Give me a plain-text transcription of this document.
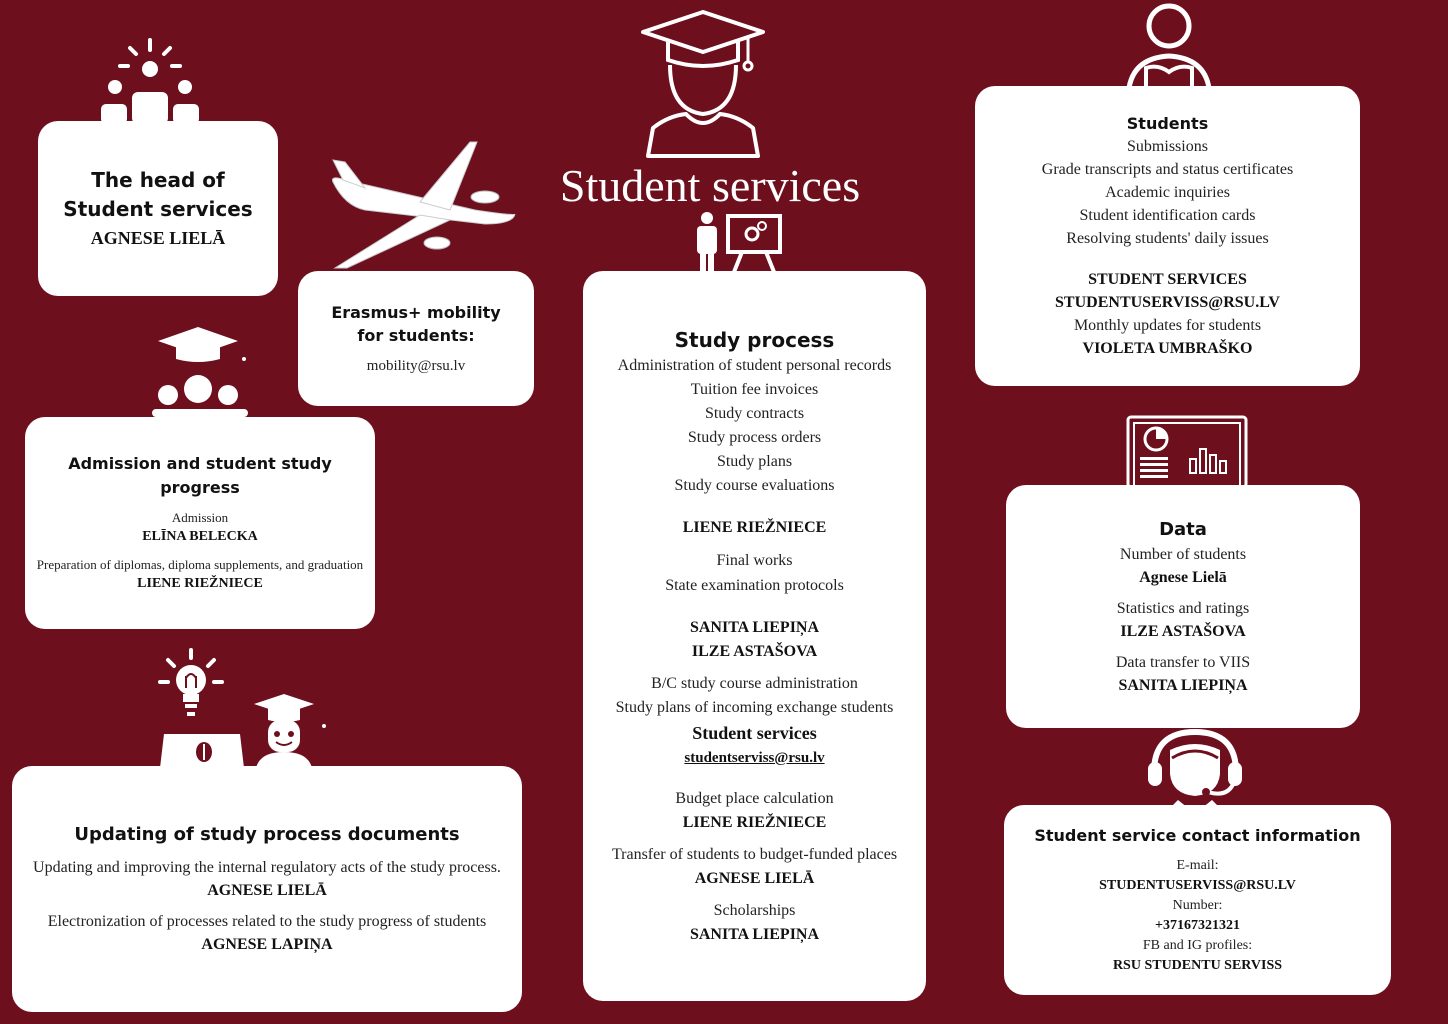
Student services
The head of Student services
AGNESE LIELĀ
Erasmus+ mobility for students:
mobility@rsu.lv
Admission and student study progress
Admission
ELĪNA BELECKA
Preparation of diplomas, diploma supplements, and graduation
LIENE RIEŽNIECE
Updating of study process documents
Updating and improving the internal regulatory acts of the study process.
AGNESE LIELĀ
Electronization of processes related to the study progress of students
AGNESE LAPIŅA
Study process
Administration of student personal records
Tuition fee invoices
Study contracts
Study process orders
Study plans
Study course evaluations
LIENE RIEŽNIECE
Final works
State examination protocols
SANITA LIEPIŅA
ILZE ASTAŠOVA
B/C study course administration
Study plans of incoming exchange students
Student services
studentserviss@rsu.lv
Budget place calculation
LIENE RIEŽNIECE
Transfer of students to budget-funded places
AGNESE LIELĀ
Scholarships
SANITA LIEPIŅA
Students
Submissions
Grade transcripts and status certificates
Academic inquiries
Student identification cards
Resolving students' daily issues
STUDENT SERVICES
STUDENTUSERVISS@RSU.LV
Monthly updates for students
VIOLETA UMBRAŠKO
Data
Number of students
Agnese Lielā
Statistics and ratings
ILZE ASTAŠOVA
Data transfer to VIIS
SANITA LIEPIŅA
Student service contact information
E-mail:
STUDENTUSERVISS@RSU.LV
Number:
+37167321321
FB and IG profiles:
RSU STUDENTU SERVISS
